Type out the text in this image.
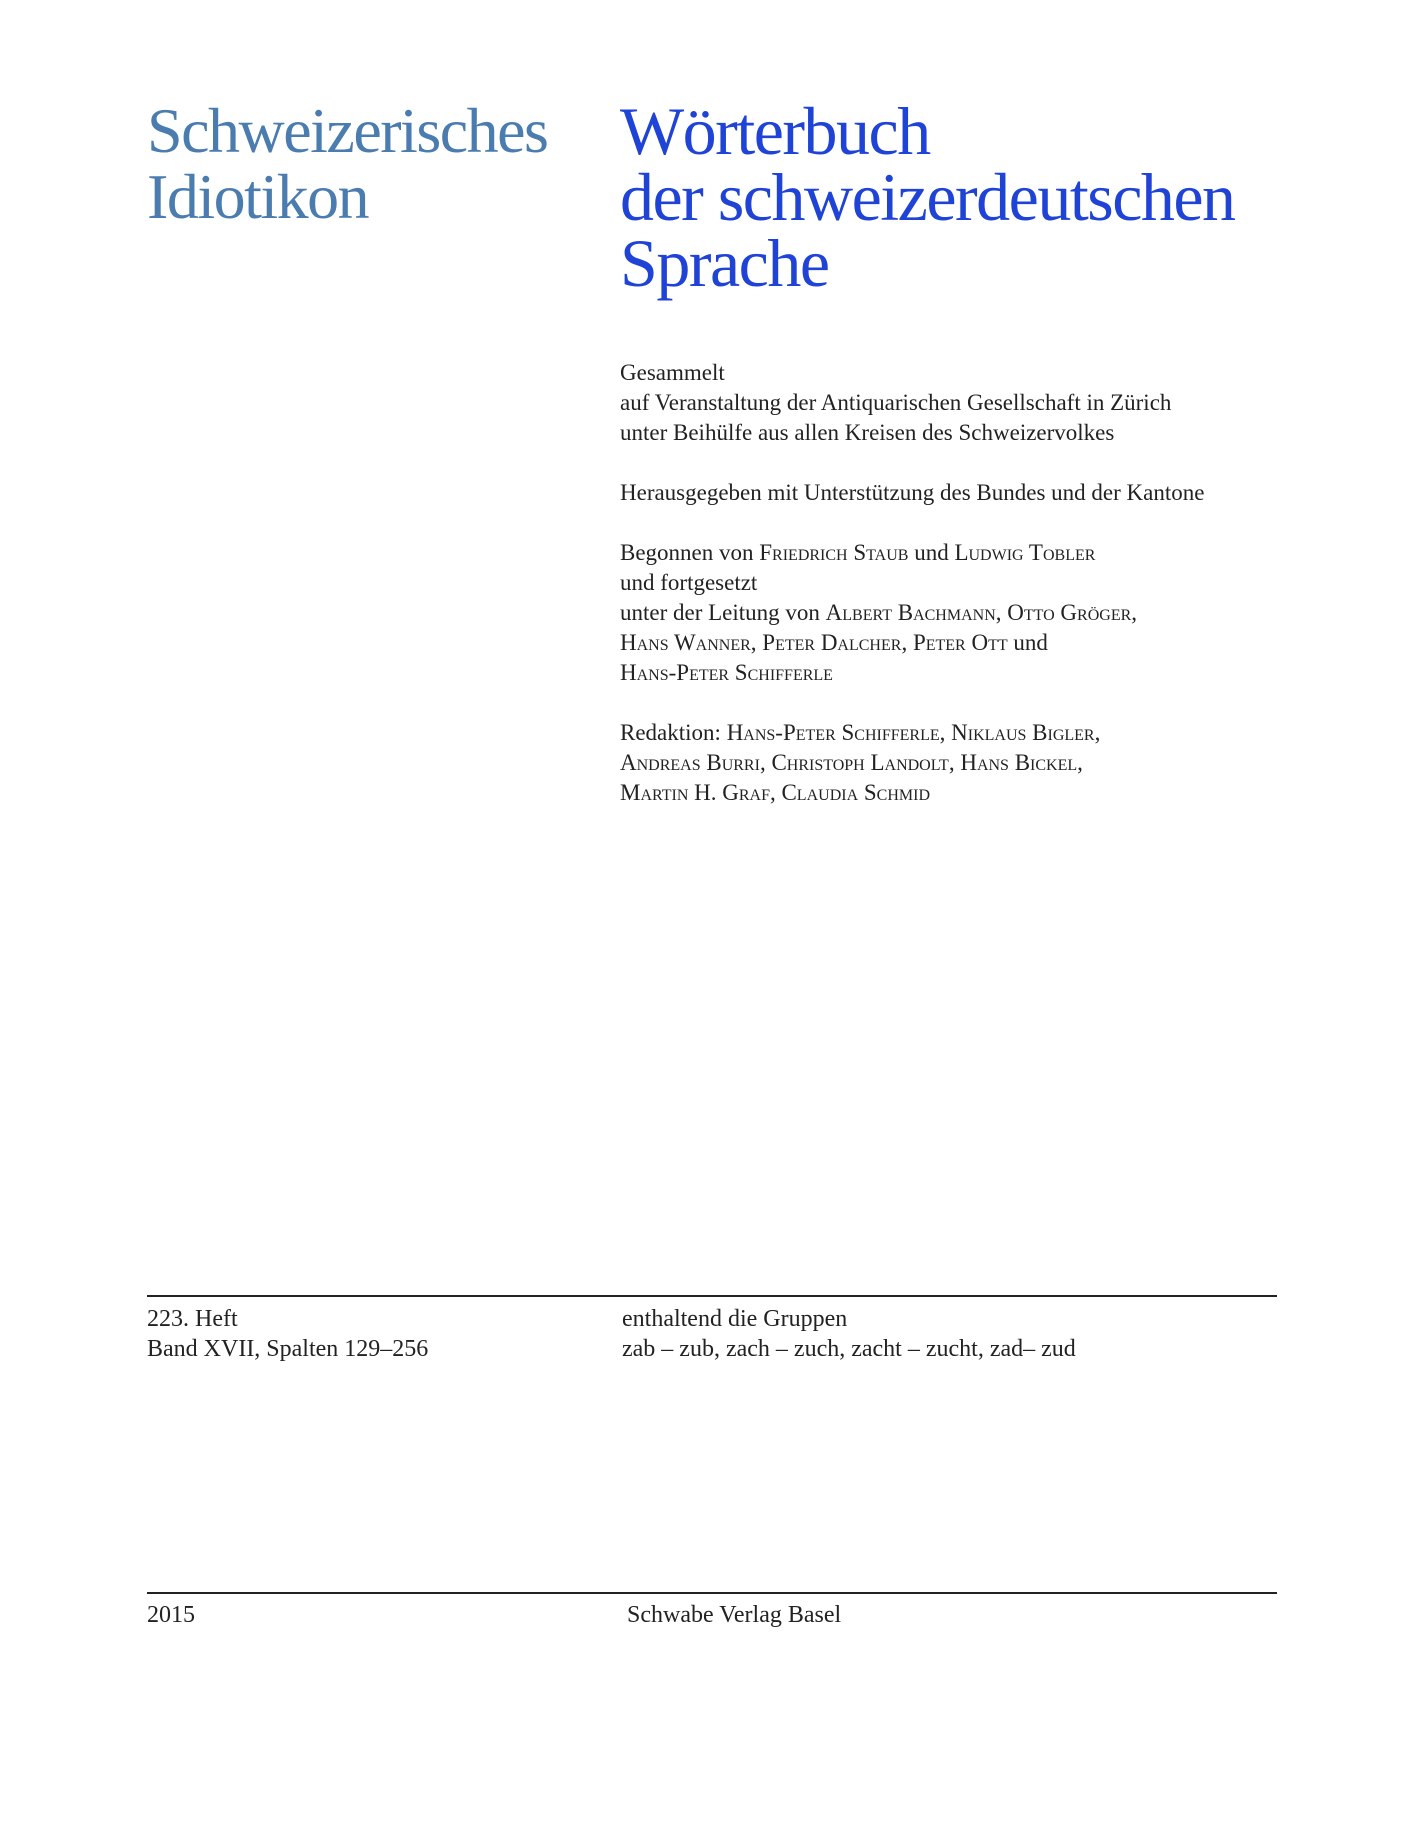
Schweizerisches
Idiotikon
Wörterbuch
der schweizerdeutschen
Sprache

Gesammelt
auf Veranstaltung der Antiquarischen Gesellschaft in Zürich
unter Beihülfe aus allen Kreisen des Schweizervolkes

Herausgegeben mit Unterstützung des Bundes und der Kantone

Begonnen von Friedrich Staub und Ludwig Tobler
und fortgesetzt
unter der Leitung von Albert Bachmann, Otto Gröger,
Hans Wanner, Peter Dalcher, Peter Ott und
Hans-Peter Schifferle

Redaktion: Hans-Peter Schifferle, Niklaus Bigler,
Andreas Burri, Christoph Landolt, Hans Bickel,
Martin H. Graf, Claudia Schmid

223. Heft
Band XVII, Spalten 129–256
enthaltend die Gruppen
zab – zub, zach – zuch, zacht – zucht, zad– zud
2015	Schwabe Verlag Basel
